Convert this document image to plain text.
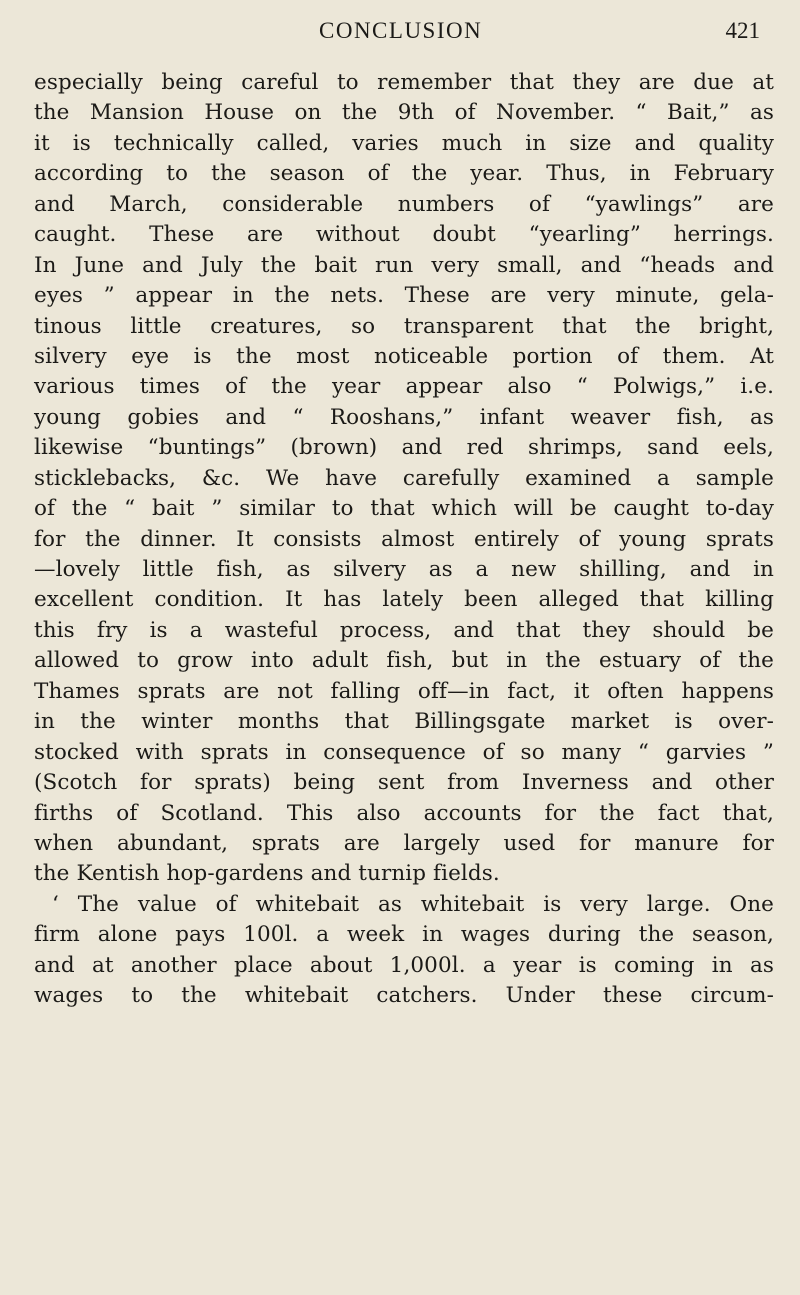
CONCLUSION	421
especially being careful to remember that they are due at
the Mansion House on the 9th of November. “ Bait,” as
it is technically called, varies much in size and quality
according to the season of the year. Thus, in February
and March, considerable numbers of “yawlings” are
caught. These are without doubt “yearling” herrings.
In June and July the bait run very small, and “heads and
eyes ” appear in the nets. These are very minute, gela-
tinous little creatures, so transparent that the bright,
silvery eye is the most noticeable portion of them. At
various times of the year appear also “ Polwigs,” i.e.
young gobies and “ Rooshans,” infant weaver fish, as
likewise “buntings” (brown) and red shrimps, sand eels,
sticklebacks, &c. We have carefully examined a sample
of the “ bait ” similar to that which will be caught to-day
for the dinner. It consists almost entirely of young sprats
—lovely little fish, as silvery as a new shilling, and in
excellent condition. It has lately been alleged that killing
this fry is a wasteful process, and that they should be
allowed to grow into adult fish, but in the estuary of the
Thames sprats are not falling off—in fact, it often happens
in the winter months that Billingsgate market is over-
stocked with sprats in consequence of so many “ garvies ”
(Scotch for sprats) being sent from Inverness and other
firths of Scotland. This also accounts for the fact that,
when abundant, sprats are largely used for manure for
the Kentish hop-gardens and turnip fields.
‘ The value of whitebait as whitebait is very large. One
firm alone pays 100l. a week in wages during the season,
and at another place about 1,000l. a year is coming in as
wages to the whitebait catchers. Under these circum-
